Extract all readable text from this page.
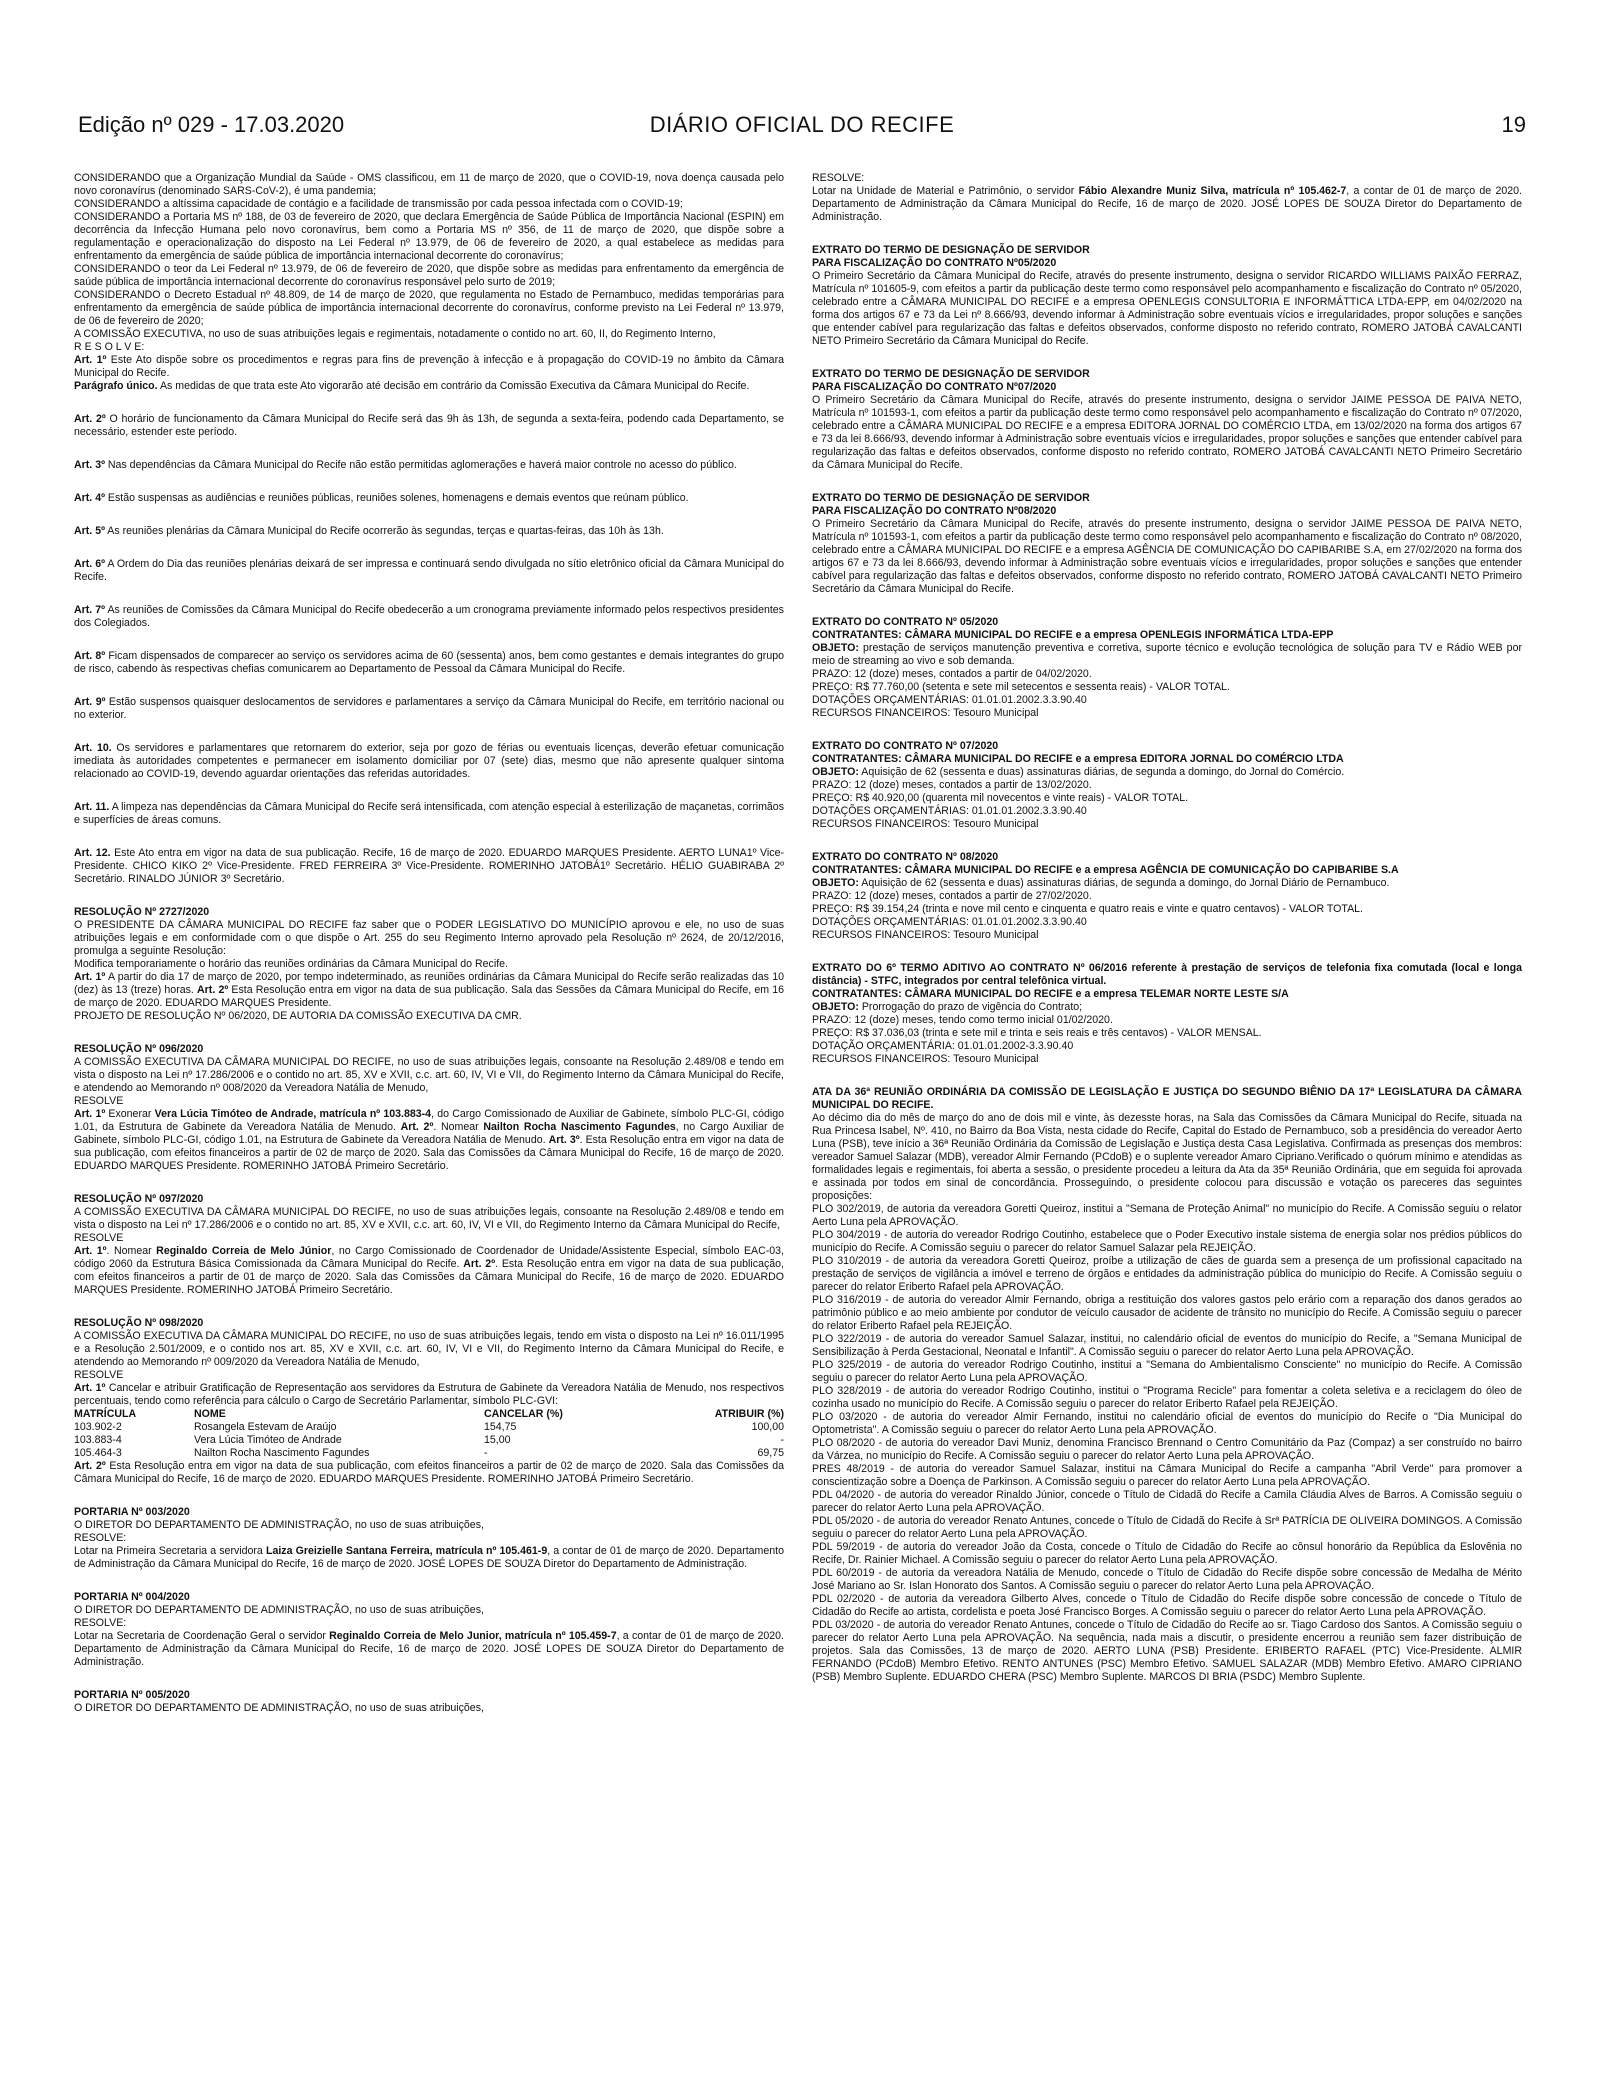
Edição nº 029 - 17.03.2020	DIÁRIO OFICIAL DO RECIFE	19

CONSIDERANDO que a Organização Mundial da Saúde - OMS classificou, em 11 de março de 2020, que o COVID-19, nova doença causada pelo novo coronavírus (denominado SARS-CoV-2), é uma pandemia;

CONSIDERANDO a altíssima capacidade de contágio e a facilidade de transmissão por cada pessoa infectada com o COVID-19;

CONSIDERANDO a Portaria MS nº 188, de 03 de fevereiro de 2020, que declara Emergência de Saúde Pública de Importância Nacional (ESPIN) em decorrência da Infecção Humana pelo novo coronavírus, bem como a Portaria MS nº 356, de 11 de março de 2020, que dispõe sobre a regulamentação e operacionalização do disposto na Lei Federal nº 13.979, de 06 de fevereiro de 2020, a qual estabelece as medidas para enfrentamento da emergência de saúde pública de importância internacional decorrente do coronavírus;

CONSIDERANDO o teor da Lei Federal nº 13.979, de 06 de fevereiro de 2020, que dispõe sobre as medidas para enfrentamento da emergência de saúde pública de importância internacional decorrente do coronavírus responsável pelo surto de 2019;

CONSIDERANDO o Decreto Estadual nº 48.809, de 14 de março de 2020, que regulamenta no Estado de Pernambuco, medidas temporárias para enfrentamento da emergência de saúde pública de importância internacional decorrente do coronavírus, conforme previsto na Lei Federal nº 13.979, de 06 de fevereiro de 2020;

A COMISSÃO EXECUTIVA, no uso de suas atribuições legais e regimentais, notadamente o contido no art. 60, II, do Regimento Interno,

R E S O L V E:

Art. 1º Este Ato dispõe sobre os procedimentos e regras para fins de prevenção à infecção e à propagação do COVID-19 no âmbito da Câmara Municipal do Recife.

Parágrafo único. As medidas de que trata este Ato vigorarão até decisão em contrário da Comissão Executiva da Câmara Municipal do Recife.

Art. 2º O horário de funcionamento da Câmara Municipal do Recife será das 9h às 13h, de segunda a sexta-feira, podendo cada Departamento, se necessário, estender este período.

Art. 3º Nas dependências da Câmara Municipal do Recife não estão permitidas aglomerações e haverá maior controle no acesso do público.

Art. 4º Estão suspensas as audiências e reuniões públicas, reuniões solenes, homenagens e demais eventos que reúnam público.

Art. 5º As reuniões plenárias da Câmara Municipal do Recife ocorrerão às segundas, terças e quartas-feiras, das 10h às 13h.

Art. 6º A Ordem do Dia das reuniões plenárias deixará de ser impressa e continuará sendo divulgada no sítio eletrônico oficial da Câmara Municipal do Recife.

Art. 7º As reuniões de Comissões da Câmara Municipal do Recife obedecerão a um cronograma previamente informado pelos respectivos presidentes dos Colegiados.

Art. 8º Ficam dispensados de comparecer ao serviço os servidores acima de 60 (sessenta) anos, bem como gestantes e demais integrantes do grupo de risco, cabendo às respectivas chefias comunicarem ao Departamento de Pessoal da Câmara Municipal do Recife.

Art. 9º Estão suspensos quaisquer deslocamentos de servidores e parlamentares a serviço da Câmara Municipal do Recife, em território nacional ou no exterior.

Art. 10. Os servidores e parlamentares que retornarem do exterior, seja por gozo de férias ou eventuais licenças, deverão efetuar comunicação imediata às autoridades competentes e permanecer em isolamento domiciliar por 07 (sete) dias, mesmo que não apresente qualquer sintoma relacionado ao COVID-19, devendo aguardar orientações das referidas autoridades.

Art. 11. A limpeza nas dependências da Câmara Municipal do Recife será intensificada, com atenção especial à esterilização de maçanetas, corrimãos e superfícies de áreas comuns.

Art. 12. Este Ato entra em vigor na data de sua publicação. Recife, 16 de março de 2020. EDUARDO MARQUES Presidente. AERTO LUNA1º Vice-Presidente. CHICO KIKO 2º Vice-Presidente. FRED FERREIRA 3º Vice-Presidente. ROMERINHO JATOBÁ1º Secretário. HÉLIO GUABIRABA 2º Secretário. RINALDO JÚNIOR 3º Secretário.

RESOLUÇÃO Nº 2727/2020

O PRESIDENTE DA CÂMARA MUNICIPAL DO RECIFE faz saber que o PODER LEGISLATIVO DO MUNICÍPIO aprovou e ele, no uso de suas atribuições legais e em conformidade com o que dispõe o Art. 255 do seu Regimento Interno aprovado pela Resolução nº 2624, de 20/12/2016, promulga a seguinte Resolução:

Modifica temporariamente o horário das reuniões ordinárias da Câmara Municipal do Recife.

Art. 1º A partir do dia 17 de março de 2020, por tempo indeterminado, as reuniões ordinárias da Câmara Municipal do Recife serão realizadas das 10 (dez) às 13 (treze) horas. Art. 2º Esta Resolução entra em vigor na data de sua publicação. Sala das Sessões da Câmara Municipal do Recife, em 16 de março de 2020. EDUARDO MARQUES Presidente.

PROJETO DE RESOLUÇÃO Nº 06/2020, DE AUTORIA DA COMISSÃO EXECUTIVA DA CMR.

RESOLUÇÃO Nº 096/2020

A COMISSÃO EXECUTIVA DA CÂMARA MUNICIPAL DO RECIFE, no uso de suas atribuições legais, consoante na Resolução 2.489/08 e tendo em vista o disposto na Lei nº 17.286/2006 e o contido no art. 85, XV e XVII, c.c. art. 60, IV, VI e VII, do Regimento Interno da Câmara Municipal do Recife, e atendendo ao Memorando nº 008/2020 da Vereadora Natália de Menudo,

RESOLVE

Art. 1º Exonerar Vera Lúcia Timóteo de Andrade, matrícula nº 103.883-4, do Cargo Comissionado de Auxiliar de Gabinete, símbolo PLC-GI, código 1.01, da Estrutura de Gabinete da Vereadora Natália de Menudo. Art. 2º. Nomear Nailton Rocha Nascimento Fagundes, no Cargo Auxiliar de Gabinete, símbolo PLC-GI, código 1.01, na Estrutura de Gabinete da Vereadora Natália de Menudo. Art. 3º. Esta Resolução entra em vigor na data de sua publicação, com efeitos financeiros a partir de 02 de março de 2020. Sala das Comissões da Câmara Municipal do Recife, 16 de março de 2020. EDUARDO MARQUES Presidente. ROMERINHO JATOBÁ Primeiro Secretário.

RESOLUÇÃO Nº 097/2020

A COMISSÃO EXECUTIVA DA CÂMARA MUNICIPAL DO RECIFE, no uso de suas atribuições legais, consoante na Resolução 2.489/08 e tendo em vista o disposto na Lei nº 17.286/2006 e o contido no art. 85, XV e XVII, c.c. art. 60, IV, VI e VII, do Regimento Interno da Câmara Municipal do Recife,

RESOLVE

Art. 1º. Nomear Reginaldo Correia de Melo Júnior, no Cargo Comissionado de Coordenador de Unidade/Assistente Especial, símbolo EAC-03, código 2060 da Estrutura Básica Comissionada da Câmara Municipal do Recife. Art. 2º. Esta Resolução entra em vigor na data de sua publicação, com efeitos financeiros a partir de 01 de março de 2020. Sala das Comissões da Câmara Municipal do Recife, 16 de março de 2020. EDUARDO MARQUES Presidente. ROMERINHO JATOBÁ Primeiro Secretário.

RESOLUÇÃO Nº 098/2020

A COMISSÃO EXECUTIVA DA CÂMARA MUNICIPAL DO RECIFE, no uso de suas atribuições legais, tendo em vista o disposto na Lei nº 16.011/1995 e a Resolução 2.501/2009, e o contido nos art. 85, XV e XVII, c.c. art. 60, IV, VI e VII, do Regimento Interno da Câmara Municipal do Recife, e atendendo ao Memorando nº 009/2020 da Vereadora Natália de Menudo,

RESOLVE

Art. 1º Cancelar e atribuir Gratificação de Representação aos servidores da Estrutura de Gabinete da Vereadora Natália de Menudo, nos respectivos percentuais, tendo como referência para cálculo o Cargo de Secretário Parlamentar, símbolo PLC-GVI:

MATRÍCULA	NOME	CANCELAR (%)	ATRIBUIR (%)
103.902-2	Rosangela Estevam de Araújo	154,75	100,00
103.883-4	Vera Lúcia Timóteo de Andrade	15,00	-
105.464-3	Nailton Rocha Nascimento Fagundes	-	69,75

Art. 2º Esta Resolução entra em vigor na data de sua publicação, com efeitos financeiros a partir de 02 de março de 2020. Sala das Comissões da Câmara Municipal do Recife, 16 de março de 2020. EDUARDO MARQUES Presidente. ROMERINHO JATOBÁ Primeiro Secretário.

PORTARIA Nº 003/2020

O DIRETOR DO DEPARTAMENTO DE ADMINISTRAÇÃO, no uso de suas atribuições,

RESOLVE:

Lotar na Primeira Secretaria a servidora Laiza Greizielle Santana Ferreira, matrícula nº 105.461-9, a contar de 01 de março de 2020. Departamento de Administração da Câmara Municipal do Recife, 16 de março de 2020. JOSÉ LOPES DE SOUZA Diretor do Departamento de Administração.

PORTARIA Nº 004/2020

O DIRETOR DO DEPARTAMENTO DE ADMINISTRAÇÃO, no uso de suas atribuições,

RESOLVE:

Lotar na Secretaria de Coordenação Geral o servidor Reginaldo Correia de Melo Junior, matrícula nº 105.459-7, a contar de 01 de março de 2020. Departamento de Administração da Câmara Municipal do Recife, 16 de março de 2020. JOSÉ LOPES DE SOUZA Diretor do Departamento de Administração.

PORTARIA Nº 005/2020

O DIRETOR DO DEPARTAMENTO DE ADMINISTRAÇÃO, no uso de suas atribuições,

RESOLVE:

Lotar na Unidade de Material e Patrimônio, o servidor Fábio Alexandre Muniz Silva, matrícula nº 105.462-7, a contar de 01 de março de 2020. Departamento de Administração da Câmara Municipal do Recife, 16 de março de 2020. JOSÉ LOPES DE SOUZA Diretor do Departamento de Administração.

EXTRATO DO TERMO DE DESIGNAÇÃO DE SERVIDOR

PARA FISCALIZAÇÃO DO CONTRATO Nº05/2020

O Primeiro Secretário da Câmara Municipal do Recife, através do presente instrumento, designa o servidor RICARDO WILLIAMS PAIXÃO FERRAZ, Matrícula nº 101605-9, com efeitos a partir da publicação deste termo como responsável pelo acompanhamento e fiscalização do Contrato nº 05/2020, celebrado entre a CÂMARA MUNICIPAL DO RECIFE e a empresa OPENLEGIS CONSULTORIA E INFORMÁTTICA LTDA-EPP, em 04/02/2020 na forma dos artigos 67 e 73 da Lei nº 8.666/93, devendo informar à Administração sobre eventuais vícios e irregularidades, propor soluções e sanções que entender cabível para regularização das faltas e defeitos observados, conforme disposto no referido contrato, ROMERO JATOBÁ CAVALCANTI NETO Primeiro Secretário da Câmara Municipal do Recife.

EXTRATO DO TERMO DE DESIGNAÇÃO DE SERVIDOR

PARA FISCALIZAÇÃO DO CONTRATO Nº07/2020

O Primeiro Secretário da Câmara Municipal do Recife, através do presente instrumento, designa o servidor JAIME PESSOA DE PAIVA NETO, Matrícula nº 101593-1, com efeitos a partir da publicação deste termo como responsável pelo acompanhamento e fiscalização do Contrato nº 07/2020, celebrado entre a CÂMARA MUNICIPAL DO RECIFE e a empresa EDITORA JORNAL DO COMÉRCIO LTDA, em 13/02/2020 na forma dos artigos 67 e 73 da lei 8.666/93, devendo informar à Administração sobre eventuais vícios e irregularidades, propor soluções e sanções que entender cabível para regularização das faltas e defeitos observados, conforme disposto no referido contrato, ROMERO JATOBÁ CAVALCANTI NETO Primeiro Secretário da Câmara Municipal do Recife.

EXTRATO DO TERMO DE DESIGNAÇÃO DE SERVIDOR

PARA FISCALIZAÇÃO DO CONTRATO Nº08/2020

O Primeiro Secretário da Câmara Municipal do Recife, através do presente instrumento, designa o servidor JAIME PESSOA DE PAIVA NETO, Matrícula nº 101593-1, com efeitos a partir da publicação deste termo como responsável pelo acompanhamento e fiscalização do Contrato nº 08/2020, celebrado entre a CÂMARA MUNICIPAL DO RECIFE e a empresa AGÊNCIA DE COMUNICAÇÃO DO CAPIBARIBE S.A, em 27/02/2020 na forma dos artigos 67 e 73 da lei 8.666/93, devendo informar à Administração sobre eventuais vícios e irregularidades, propor soluções e sanções que entender cabível para regularização das faltas e defeitos observados, conforme disposto no referido contrato, ROMERO JATOBÁ CAVALCANTI NETO Primeiro Secretário da Câmara Municipal do Recife.

EXTRATO DO CONTRATO Nº 05/2020

CONTRATANTES: CÂMARA MUNICIPAL DO RECIFE e a empresa OPENLEGIS INFORMÁTICA LTDA-EPP

OBJETO: prestação de serviços manutenção preventiva e corretiva, suporte técnico e evolução tecnológica de solução para TV e Rádio WEB por meio de streaming ao vivo e sob demanda.

PRAZO: 12 (doze) meses, contados a partir de 04/02/2020.

PREÇO: R$ 77.760,00 (setenta e sete mil setecentos e sessenta reais) - VALOR TOTAL.

DOTAÇÕES ORÇAMENTÁRIAS: 01.01.01.2002.3.3.90.40

RECURSOS FINANCEIROS: Tesouro Municipal

EXTRATO DO CONTRATO Nº 07/2020

CONTRATANTES: CÂMARA MUNICIPAL DO RECIFE e a empresa EDITORA JORNAL DO COMÉRCIO LTDA

OBJETO: Aquisição de 62 (sessenta e duas) assinaturas diárias, de segunda a domingo, do Jornal do Comércio.

PRAZO: 12 (doze) meses, contados a partir de 13/02/2020.

PREÇO: R$ 40.920,00 (quarenta mil novecentos e vinte reais) - VALOR TOTAL.

DOTAÇÕES ORÇAMENTÁRIAS: 01.01.01.2002.3.3.90.40

RECURSOS FINANCEIROS: Tesouro Municipal

EXTRATO DO CONTRATO Nº 08/2020

CONTRATANTES: CÂMARA MUNICIPAL DO RECIFE e a empresa AGÊNCIA DE COMUNICAÇÃO DO CAPIBARIBE S.A

OBJETO: Aquisição de 62 (sessenta e duas) assinaturas diárias, de segunda a domingo, do Jornal Diário de Pernambuco.

PRAZO: 12 (doze) meses, contados a partir de 27/02/2020.

PREÇO: R$ 39.154,24 (trinta e nove mil cento e cinquenta e quatro reais e vinte e quatro centavos) - VALOR TOTAL.

DOTAÇÕES ORÇAMENTÁRIAS: 01.01.01.2002.3.3.90.40

RECURSOS FINANCEIROS: Tesouro Municipal

EXTRATO DO 6º TERMO ADITIVO AO CONTRATO Nº 06/2016 referente à prestação de serviços de telefonia fixa comutada (local e longa distância) - STFC, integrados por central telefônica virtual.

CONTRATANTES: CÂMARA MUNICIPAL DO RECIFE e a empresa TELEMAR NORTE LESTE S/A

OBJETO: Prorrogação do prazo de vigência do Contrato;

PRAZO: 12 (doze) meses, tendo como termo inicial 01/02/2020.

PREÇO: R$ 37.036,03 (trinta e sete mil e trinta e seis reais e três centavos) - VALOR MENSAL.

DOTAÇÃO ORÇAMENTÁRIA: 01.01.01.2002-3.3.90.40

RECURSOS FINANCEIROS: Tesouro Municipal

ATA DA 36ª REUNIÃO ORDINÁRIA DA COMISSÃO DE LEGISLAÇÃO E JUSTIÇA DO SEGUNDO BIÊNIO DA 17ª LEGISLATURA DA CÂMARA MUNICIPAL DO RECIFE.

Ao décimo dia do mês de março do ano de dois mil e vinte, às dezesste horas, na Sala das Comissões da Câmara Municipal do Recife, situada na Rua Princesa Isabel, Nº. 410, no Bairro da Boa Vista, nesta cidade do Recife, Capital do Estado de Pernambuco, sob a presidência do vereador Aerto Luna (PSB), teve início a 36ª Reunião Ordinária da Comissão de Legislação e Justiça desta Casa Legislativa. Confirmada as presenças dos membros: vereador Samuel Salazar (MDB), vereador Almir Fernando (PCdoB) e o suplente vereador Amaro Cipriano.Verificado o quórum mínimo e atendidas as formalidades legais e regimentais, foi aberta a sessão, o presidente procedeu a leitura da Ata da 35ª Reunião Ordinária, que em seguida foi aprovada e assinada por todos em sinal de concordância. Prosseguindo, o presidente colocou para discussão e votação os pareceres das seguintes proposições:

PLO 302/2019, de autoria da vereadora Goretti Queiroz, institui a "Semana de Proteção Animal" no município do Recife. A Comissão seguiu o relator Aerto Luna pela APROVAÇÃO.

PLO 304/2019 - de autoria do vereador Rodrigo Coutinho, estabelece que o Poder Executivo instale sistema de energia solar nos prédios públicos do município do Recife. A Comissão seguiu o parecer do relator Samuel Salazar pela REJEIÇÃO.

PLO 310/2019 - de autoria da vereadora Goretti Queiroz, proíbe a utilização de cães de guarda sem a presença de um profissional capacitado na prestação de serviços de vigilância a imóvel e terreno de órgãos e entidades da administração pública do município do Recife. A Comissão seguiu o parecer do relator Eriberto Rafael pela APROVAÇÃO.

PLO 316/2019 - de autoria do vereador Almir Fernando, obriga a restituição dos valores gastos pelo erário com a reparação dos danos gerados ao patrimônio público e ao meio ambiente por condutor de veículo causador de acidente de trânsito no município do Recife. A Comissão seguiu o parecer do relator Eriberto Rafael pela REJEIÇÃO.

PLO 322/2019 - de autoria do vereador Samuel Salazar, institui, no calendário oficial de eventos do município do Recife, a "Semana Municipal de Sensibilização à Perda Gestacional, Neonatal e Infantil". A Comissão seguiu o parecer do relator Aerto Luna pela APROVAÇÃO.

PLO 325/2019 - de autoria do vereador Rodrigo Coutinho, institui a "Semana do Ambientalismo Consciente" no município do Recife. A Comissão seguiu o parecer do relator Aerto Luna pela APROVAÇÃO.

PLO 328/2019 - de autoria do vereador Rodrigo Coutinho, institui o "Programa Recicle" para fomentar a coleta seletiva e a reciclagem do óleo de cozinha usado no município do Recife. A Comissão seguiu o parecer do relator Eriberto Rafael pela REJEIÇÃO.

PLO 03/2020 - de autoria do vereador Almir Fernando, institui no calendário oficial de eventos do município do Recife o "Dia Municipal do Optometrista". A Comissão seguiu o parecer do relator Aerto Luna pela APROVAÇÃO.

PLO 08/2020 - de autoria do vereador Davi Muniz, denomina Francisco Brennand o Centro Comunitário da Paz (Compaz) a ser construído no bairro da Várzea, no município do Recife. A Comissão seguiu o parecer do relator Aerto Luna pela APROVAÇÃO.

PRES 48/2019 - de autoria do vereador Samuel Salazar, institui na Câmara Municipal do Recife a campanha "Abril Verde" para promover a conscientização sobre a Doença de Parkinson. A Comissão seguiu o parecer do relator Aerto Luna pela APROVAÇÃO.

PDL 04/2020 - de autoria do vereador Rinaldo Júnior, concede o Título de Cidadã do Recife a Camila Cláudia Alves de Barros. A Comissão seguiu o parecer do relator Aerto Luna pela APROVAÇÃO.

PDL 05/2020 - de autoria do vereador Renato Antunes, concede o Título de Cidadã do Recife à Srª PATRÍCIA DE OLIVEIRA DOMINGOS. A Comissão seguiu o parecer do relator Aerto Luna pela APROVAÇÃO.

PDL 59/2019 - de autoria do vereador João da Costa, concede o Título de Cidadão do Recife ao cônsul honorário da República da Eslovênia no Recife, Dr. Rainier Michael. A Comissão seguiu o parecer do relator Aerto Luna pela APROVAÇÃO.

PDL 60/2019 - de autoria da vereadora Natália de Menudo, concede o Título de Cidadão do Recife dispõe sobre concessão de Medalha de Mérito José Mariano ao Sr. Islan Honorato dos Santos. A Comissão seguiu o parecer do relator Aerto Luna pela APROVAÇÃO.

PDL 02/2020 - de autoria da vereadora Gilberto Alves, concede o Título de Cidadão do Recife dispõe sobre concessão de concede o Título de Cidadão do Recife ao artista, cordelista e poeta José Francisco Borges. A Comissão seguiu o parecer do relator Aerto Luna pela APROVAÇÃO.

PDL 03/2020 - de autoria do vereador Renato Antunes, concede o Título de Cidadão do Recife ao sr. Tiago Cardoso dos Santos. A Comissão seguiu o parecer do relator Aerto Luna pela APROVAÇÃO. Na sequência, nada mais a discutir, o presidente encerrou a reunião sem fazer distribuição de projetos. Sala das Comissões, 13 de março de 2020. AERTO LUNA (PSB) Presidente. ERIBERTO RAFAEL (PTC) Vice-Presidente. ALMIR FERNANDO (PCdoB) Membro Efetivo. RENTO ANTUNES (PSC) Membro Efetivo. SAMUEL SALAZAR (MDB) Membro Efetivo. AMARO CIPRIANO (PSB) Membro Suplente. EDUARDO CHERA (PSC) Membro Suplente. MARCOS DI BRIA (PSDC) Membro Suplente.
